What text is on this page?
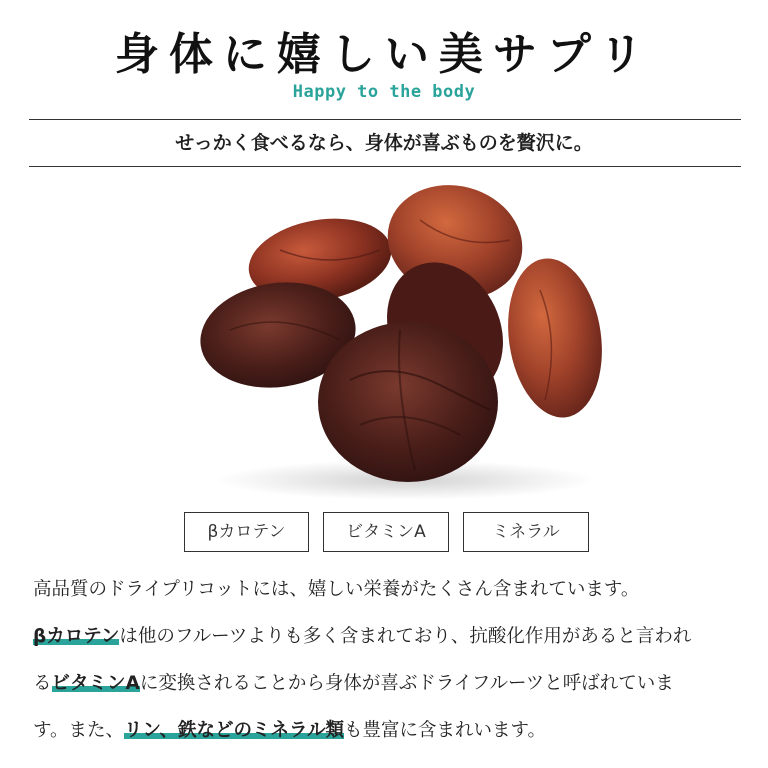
身体に嬉しい美サプリ
Happy to the body
せっかく食べるなら、身体が喜ぶものを贅沢に。
βカロテン	ビタミンA	ミネラル
高品質のドライプリコットには、嬉しい栄養がたくさん含まれています。
βカロテンは他のフルーツよりも多く含まれており、抗酸化作用があると言われ
るビタミンAに変換されることから身体が喜ぶドライフルーツと呼ばれていま
す。また、リン、鉄などのミネラル類も豊富に含まれいます。
